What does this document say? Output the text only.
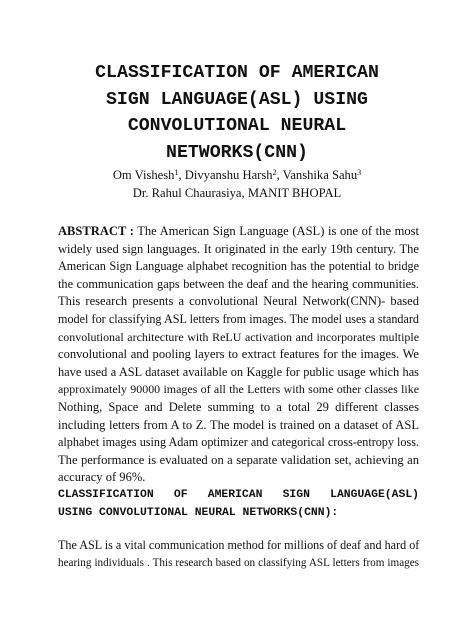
CLASSIFICATION OF AMERICAN
SIGN LANGUAGE(ASL) USING
CONVOLUTIONAL NEURAL
NETWORKS(CNN)
Om Vishesh$^1$, Divyanshu Harsh$^2$, Vanshika Sahu$^3$
Dr. Rahul Chaurasiya, MANIT BHOPAL

ABSTRACT : The American Sign Language (ASL) is one of the most
widely used sign languages. It originated in the early 19th century. The
American Sign Language alphabet recognition has the potential to bridge
the communication gaps between the deaf and the hearing communities.
This research presents a convolutional Neural Network(CNN)- based
model for classifying ASL letters from images. The model uses a standard
convolutional architecture with ReLU activation and incorporates multiple
convolutional and pooling layers to extract features for the images. We
have used a ASL dataset available on Kaggle for public usage which has
approximately 90000 images of all the Letters with some other classes like
Nothing, Space and Delete summing to a total 29 different classes
including letters from A to Z. The model is trained on a dataset of ASL
alphabet images using Adam optimizer and categorical cross-entropy loss.
The performance is evaluated on a separate validation set, achieving an
accuracy of 96%.

CLASSIFICATION OF AMERICAN SIGN LANGUAGE(ASL)
USING CONVOLUTIONAL NEURAL NETWORKS(CNN):

The ASL is a vital communication method for millions of deaf and hard of
hearing individuals . This research based on classifying ASL letters from images
